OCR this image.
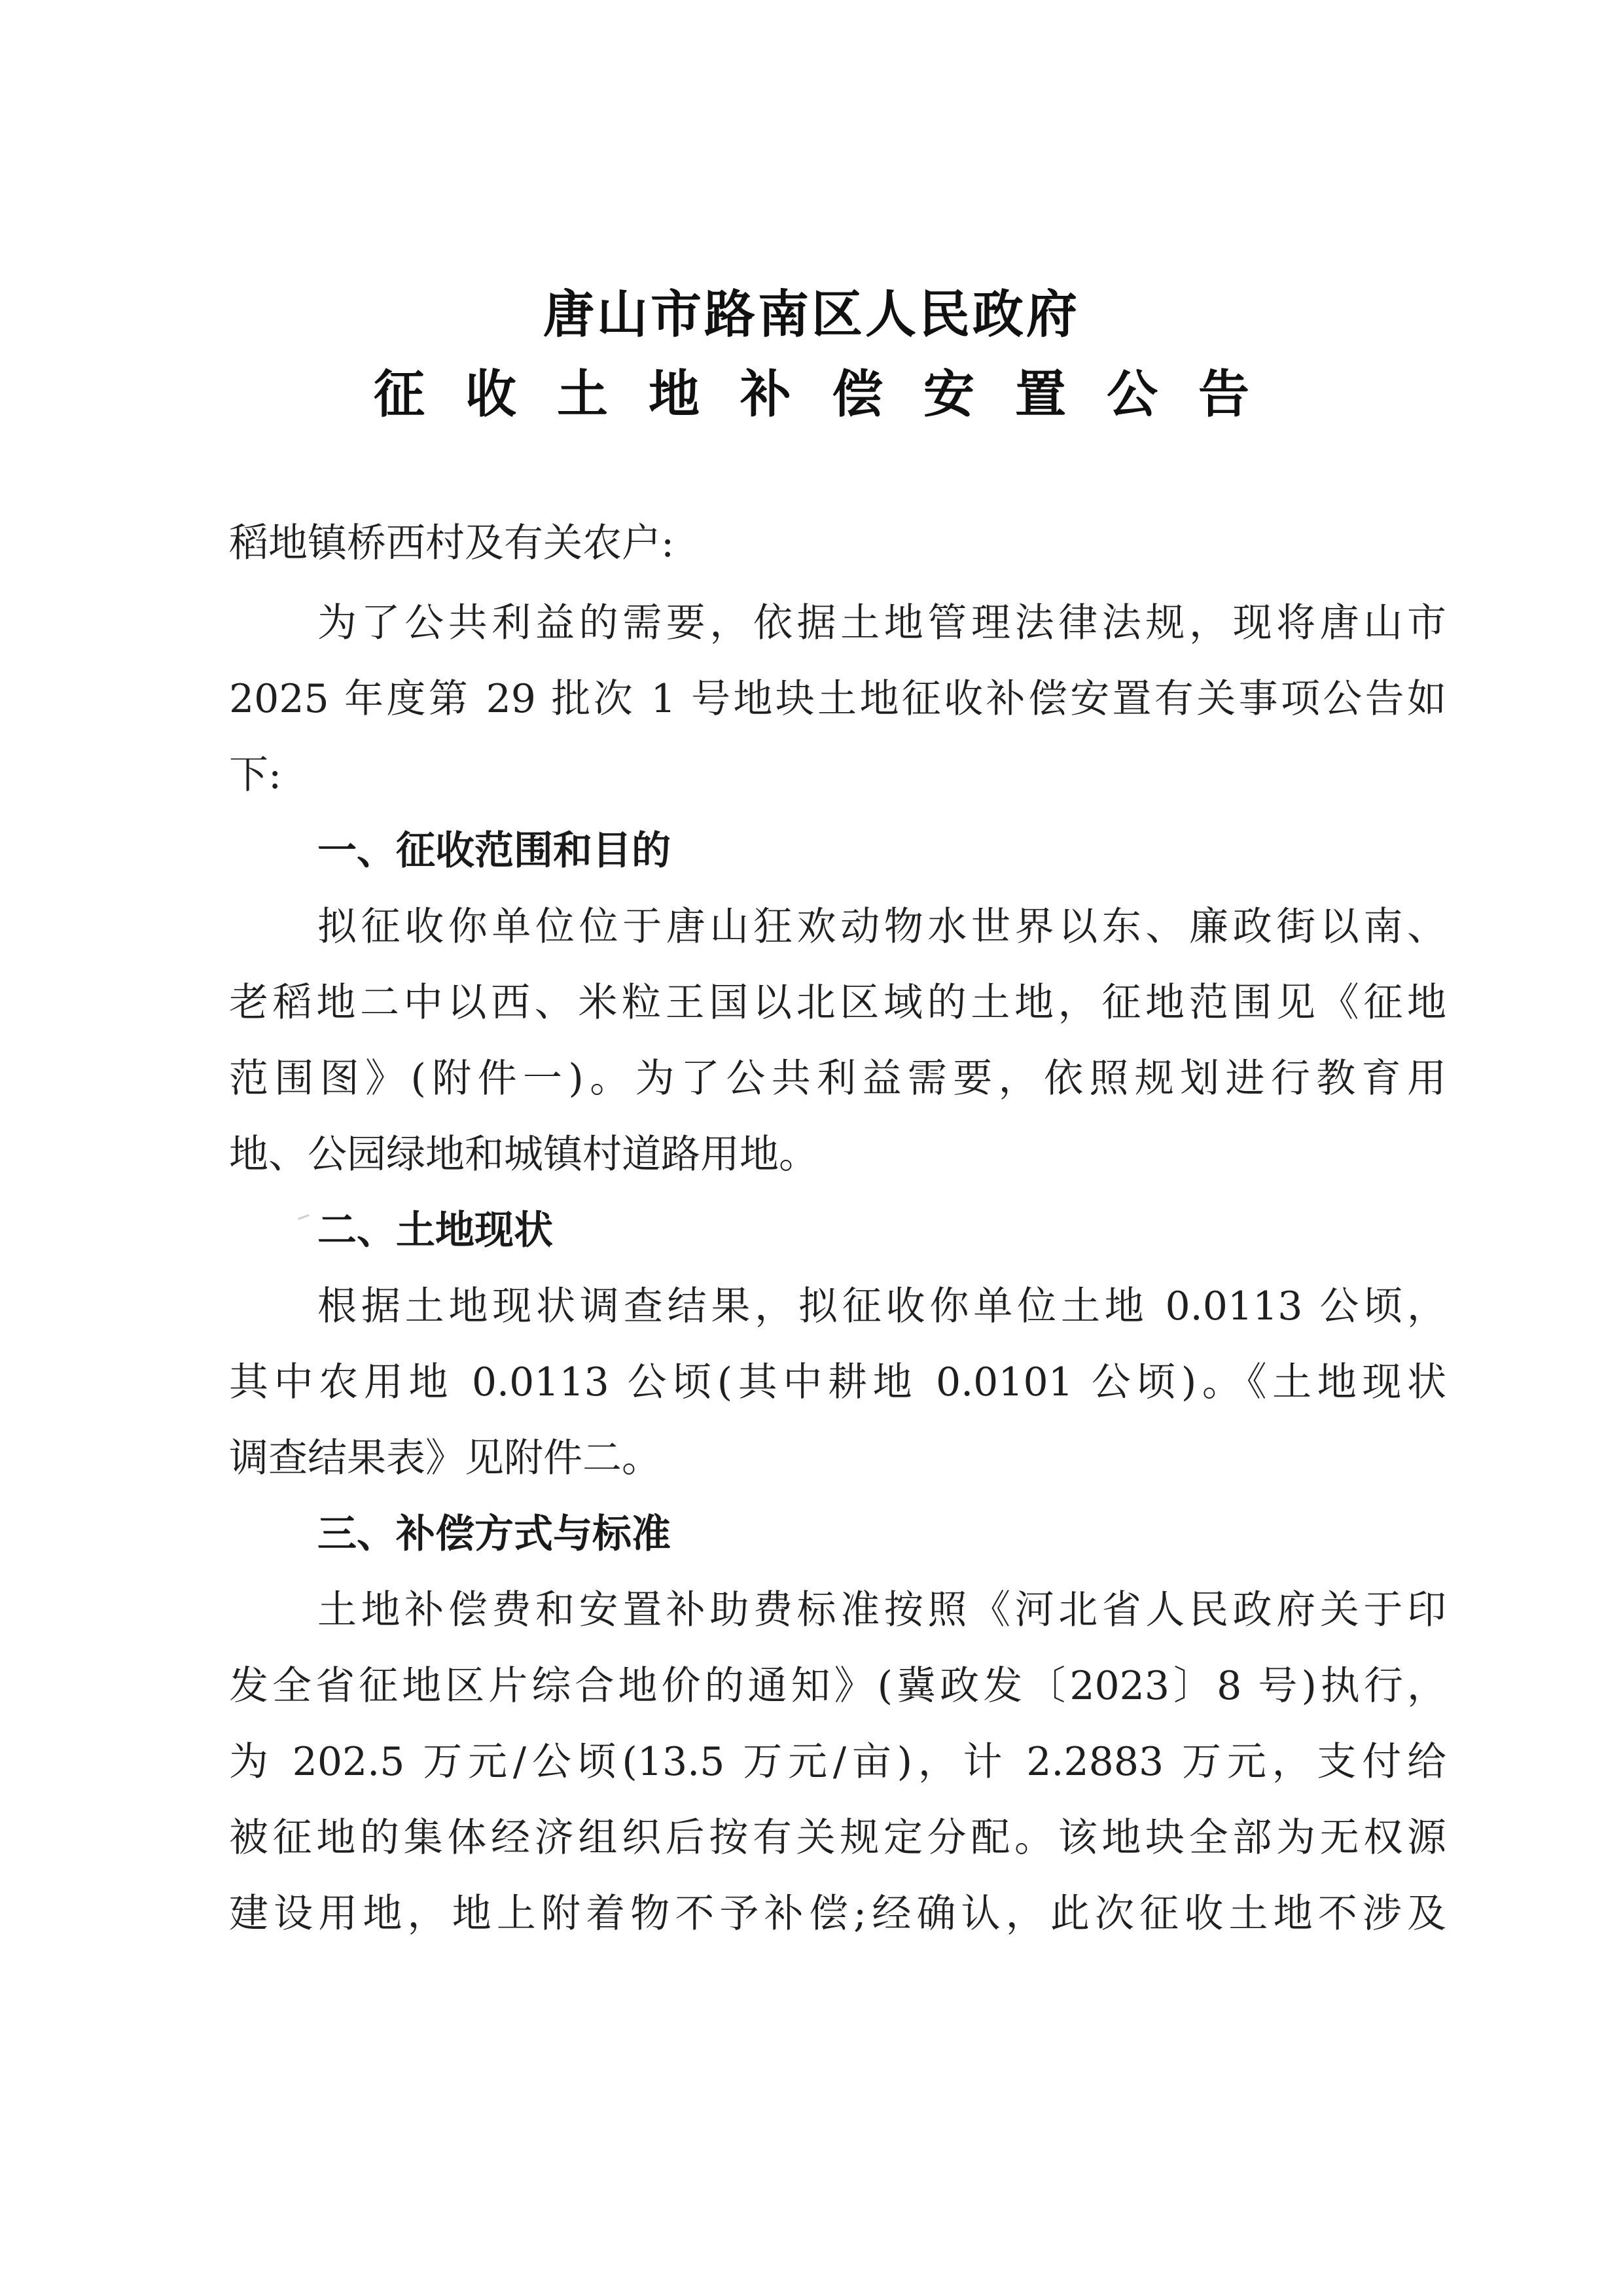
唐山市路南区人民政府
征收土地补偿安置公告
稻地镇桥西村及有关农户:
为了公共利益的需要，依据土地管理法律法规，现将唐山市
2025 年度第 29 批次 1 号地块土地征收补偿安置有关事项公告如
下:
一、征收范围和目的
拟征收你单位位于唐山狂欢动物水世界以东、廉政街以南、
老稻地二中以西、米粒王国以北区域的土地，征地范围见《征地
范围图》(附件一)。为了公共利益需要，依照规划进行教育用
地、公园绿地和城镇村道路用地。
二、土地现状
根据土地现状调查结果，拟征收你单位土地 0.0113 公顷，
其中农用地 0.0113 公顷(其中耕地 0.0101 公顷)。《土地现状
调查结果表》见附件二。
三、补偿方式与标准
土地补偿费和安置补助费标准按照《河北省人民政府关于印
发全省征地区片综合地价的通知》(冀政发〔2023〕8 号)执行，
为 202.5 万元/公顷(13.5 万元/亩)，计 2.2883 万元，支付给
被征地的集体经济组织后按有关规定分配。该地块全部为无权源
建设用地，地上附着物不予补偿;经确认，此次征收土地不涉及
